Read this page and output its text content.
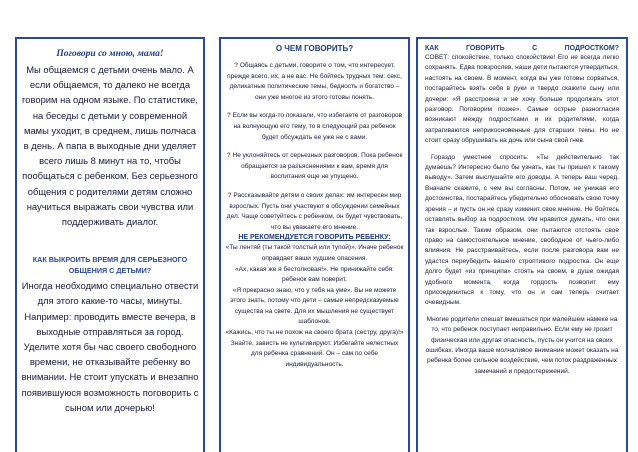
Поговори со мною, мама!

Мы общаемся с детьми очень мало. А если общаемся, то далеко не всегда говорим на одном языке. По статистике, на беседы с детьми у современной мамы уходит, в среднем, лишь полчаса в день. А папа в выходные дни уделяет всего лишь 8 минут на то, чтобы пообщаться с ребенком. Без серьезного общения с родителями детям сложно научиться выражать свои чувства или поддерживать диалог.

КАК ВЫКРОИТЬ ВРЕМЯ ДЛЯ СЕРЬЕЗНОГО ОБЩЕНИЯ С ДЕТЬМИ?

Иногда необходимо специально отвести для этого какие-то часы, минуты. Например: проводить вместе вечера, в выходные отправляться за город. Уделите хотя бы час своего свободного времени, не отказывайте ребенку во внимании. Не стоит упускать и внезапно появившуюся возможность поговорить с сыном или дочерью!

О ЧЕМ ГОВОРИТЬ?

? Общаясь с детьми, говорите о том, что интересует, прежде всего, их, а не вас. Не бойтесь трудных тем: секс, деликатные политические темы, бедность и богатство – они уже многое из этого готовы понять.

? Если вы когда-то показали, что избегаете от разговоров на волнующую его тему, то в следующий раз ребенок будет обсуждать ее уже не с вами.

? Не уклоняйтесь от серьезных разговоров. Пока ребенок обращается за разъяснениями к вам, время для воспитания еще не упущено.

? Рассказывайте детям о своих делах: им интересен мир взрослых. Пусть они участвуют в обсуждении семейных дел. Чаще советуйтесь с ребенком, он будет чувствовать, что вы уважаете его мнение.

НЕ РЕКОМЕНДУЕТСЯ ГОВОРИТЬ РЕБЕНКУ:

«Ты лентяй (ты такой толстый или тупой)». Иначе ребенок оправдает ваши худшие опасения.

«Ах, какая же я бестолковая!». Не принижайте себя: ребенок вам поверит.

«Я прекрасно знаю, что у тебя на уме». Вы не можете этого знать, потому что дети – самые непредсказуемые существа на свете. Для их мышления не существует шаблонов.

«Кажись, что ты не похож на своего брата (сестру, друга)!» Знайте, зависть не культивируют. Избегайте нелестных для ребенка сравнений. Он – сам по себе индивидуальность.

КАК ГОВОРИТЬ С ПОДРОСТКОМ?

СОВЕТ: спокойствие, только спокойствие! Его не всегда легко сохранять. Едва повзрослев, наши дети пытаются утвердиться, настоять на своем. В момент, когда вы уже готовы сорваться, постарайтесь взять себя в руки и твердо скажите сыну или дочери: «Я расстроена и не хочу больше продолжать этот разговор. Поговорим позже». Самые острые разногласия возникают между подростками и их родителями, когда затрагиваются неприкосновенные для старших темы. Но не стоит сразу обрушивать на дочь или сына свой гнев.

Гораздо уместнее спросить: «Ты действительно так думаешь? Интересно было бы узнать, как ты пришел к такому выводу». Затем выслушайте его доводы. А теперь ваш черед. Вначале скажите, с чем вы согласны. Потом, не унижая его достоинства, постарайтесь убедительно обосновать свою точку зрения – и пусть он не сразу изменит свое мнение. Не бойтесь оставлять выбор за подростком. Им нравится думать, что они так взрослые. Таким образом, они пытаются отстоять свое право на самостоятельное мнение, свободное от чьего-либо влияния. Не расстраивайтесь, если после разговора вам не удастся переубедить вашего строптивого подростка. Он еще долго будет «из принципа» стоять на своем, в душе ожидая удобного момента, когда гордость позволит ему присоединиться к тому, что он и сам теперь считает очевидным.

Многие родители спешат вмешаться при малейшем намеке на то, что ребенок поступает неправильно. Если ему не грозит физическая или другая опасность, пусть он учится на своих ошибках. Иногда ваше молчаливое внимание может оказать на ребенка более сильное воздействие, чем поток раздраженных замечаний и предостережений.
